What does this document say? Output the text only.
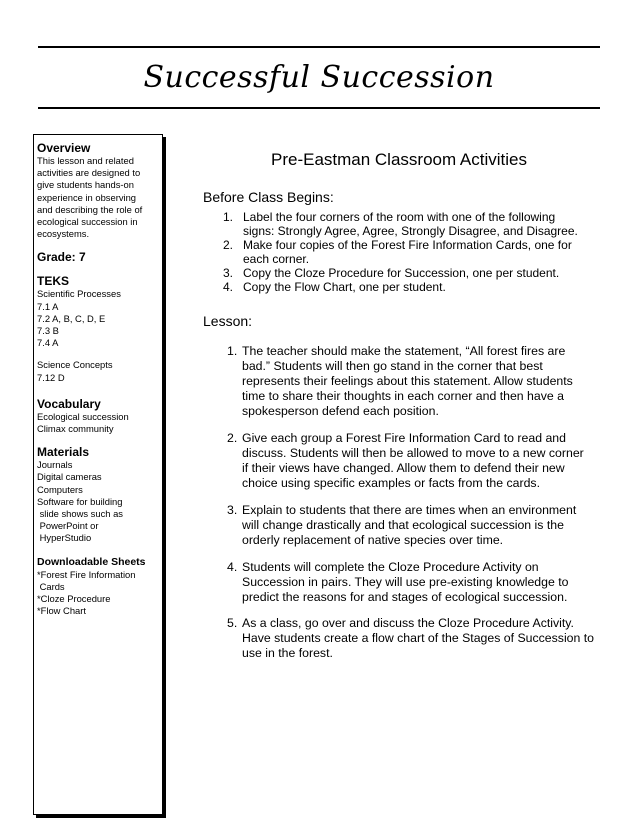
Successful Succession

Overview

This lesson and related

activities are designed to

give students hands-on

experience in observing

and describing the role of

ecological succession in

ecosystems.

Grade: 7

TEKS

Scientific Processes

7.1 A

7.2 A, B, C, D, E

7.3 B

7.4 A

Science Concepts

7.12 D

Vocabulary

Ecological succession

Climax community

Materials

Journals

Digital cameras

Computers

Software for building

slide shows such as

PowerPoint or

HyperStudio

Downloadable Sheets

*Forest Fire Information

Cards

*Cloze Procedure

*Flow Chart

Pre-Eastman Classroom Activities
Before Class Begins:
1. Label the four corners of the room with one of the following
signs: Strongly Agree, Agree, Strongly Disagree, and Disagree.
2. Make four copies of the Forest Fire Information Cards, one for
each corner.
3. Copy the Cloze Procedure for Succession, one per student.
4. Copy the Flow Chart, one per student.
Lesson:
1. The teacher should make the statement, “All forest fires are
bad.” Students will then go stand in the corner that best
represents their feelings about this statement. Allow students
time to share their thoughts in each corner and then have a
spokesperson defend each position.
2. Give each group a Forest Fire Information Card to read and
discuss. Students will then be allowed to move to a new corner
if their views have changed. Allow them to defend their new
choice using specific examples or facts from the cards.
3. Explain to students that there are times when an environment
will change drastically and that ecological succession is the
orderly replacement of native species over time.
4. Students will complete the Cloze Procedure Activity on
Succession in pairs. They will use pre-existing knowledge to
predict the reasons for and stages of ecological succession.
5. As a class, go over and discuss the Cloze Procedure Activity.
Have students create a flow chart of the Stages of Succession to
use in the forest.
